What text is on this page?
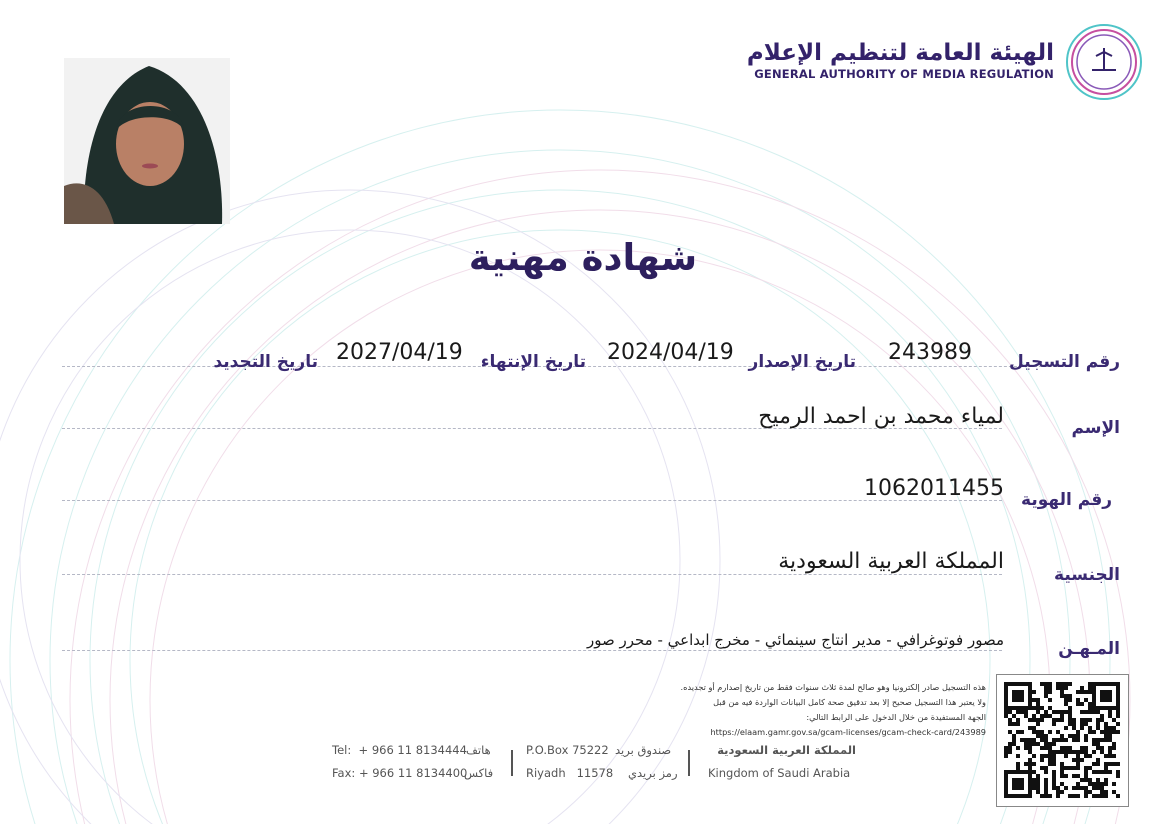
الهيئة العامة لتنظيم الإعلام
GENERAL AUTHORITY OF MEDIA REGULATION
شهادة مهنية
رقم التسجيل
243989
تاريخ الإصدار
2024/04/19
تاريخ الإنتهاء
2027/04/19
تاريخ التجديد
الإسم
لمياء محمد بن احمد الرميح
رقم الهوية
1062011455
الجنسية
المملكة العربية السعودية
المـهـن
مصور فوتوغرافي - مدير انتاج سينمائي - مخرج ابداعي - محرر صور
هذه التسجيل صادر إلكترونيا وهو صالح لمدة ثلاث سنوات فقط من تاريخ إصدارم أو تجديده.
ولا يعتبر هذا التسجيل صحيح إلا بعد تدقيق صحة كامل البيانات الواردة فيه من قبل
الجهة المستفيدة من خلال الدخول على الرابط التالي:
https://elaam.gamr.gov.sa/gcam-licenses/gcam-check-card/243989
المملكة العربية السعودية
Kingdom of Saudi Arabia
P.O.Box 75222 صندوق بريد
Riyadh   11578 رمز بريدي
Tel:  + 966 11 8134444 هاتف
Fax: + 966 11 8134400
فاكس
